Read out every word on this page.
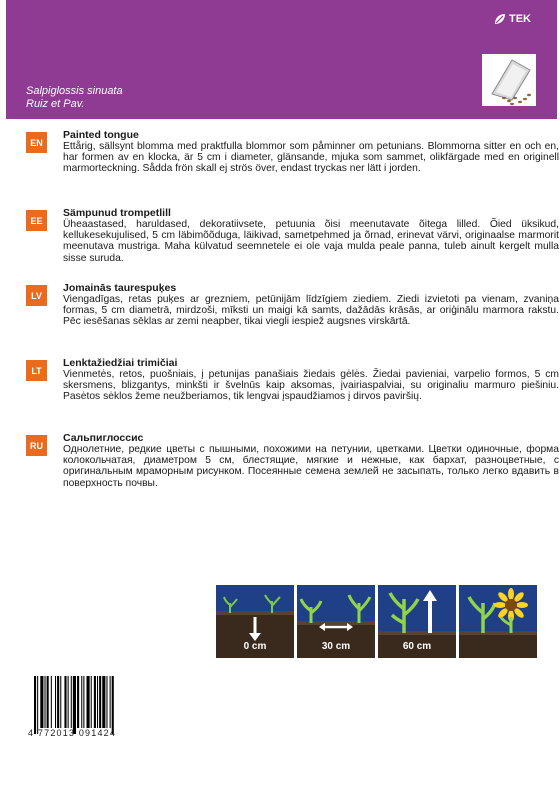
TEK
Salpiglossis sinuata
Ruiz et Pav.
EN
Painted tongue
Ettårig, sällsynt blomma med praktfulla blommor som påminner om petunians. Blommorna sitter en och en, har formen av en klocka, är 5 cm i diameter, glänsande, mjuka som sammet, olikfärgade med en originell marmorteckning. Sådda frön skall ej strös över, endast tryckas ner lätt i jorden.
EE
Sämpunud trompetlill
Üheaastased, haruldased, dekoratiivsete, petuunia õisi meenutavate õitega lilled. Õied üksikud, kellukesekujulised, 5 cm läbimõõduga, läikivad, sametpehmed ja õrnad, erinevat värvi, originaalse marmorit meenutava mustriga. Maha külvatud seemnetele ei ole vaja mulda peale panna, tuleb ainult kergelt mulla sisse suruda.
LV
Jomainās tauresрuķes
Viengadīgas, retas puķes ar grezniem, petūnijām līdzīgiem ziediem. Ziedi izvietoti pa vienam, zvaniņa formas, 5 cm diametrā, mirdzoši, mīksti un maigi kā samts, dažādās krāsās, ar oriģinālu marmora rakstu. Pēc iesēšanas sēklas ar zemi neapber, tikai viegli iespiež augsnes virskārtā.
LT
Lenktažiedžiai trimičiai
Vienmetės, retos, puošniais, į petunijas panašiais žiedais gėlės. Žiedai pavieniai, varpelio formos, 5 cm skersmens, blizgantys, minkšti ir švelnūs kaip aksomas, įvairiaspalviai, su originaliu marmuro piešiniu. Pasėtos sėklos žeme neužberiamos, tik lengvai įspaudžiamos į dirvos paviršių.
RU
Сальпиглоссис
Однолетние, редкие цветы с пышными, похожими на петунии, цветками. Цветки одиночные, формa колокольчатая, диаметром 5 см, блестящие, мягкие и нежные, как бархат, разноцветные, с оригинальным мраморным рисунком. Посеянные семена землей не засыпать, только легко вдавить в поверхность почвы.
0 cm	30 cm	60 cm
4 772013 091424
